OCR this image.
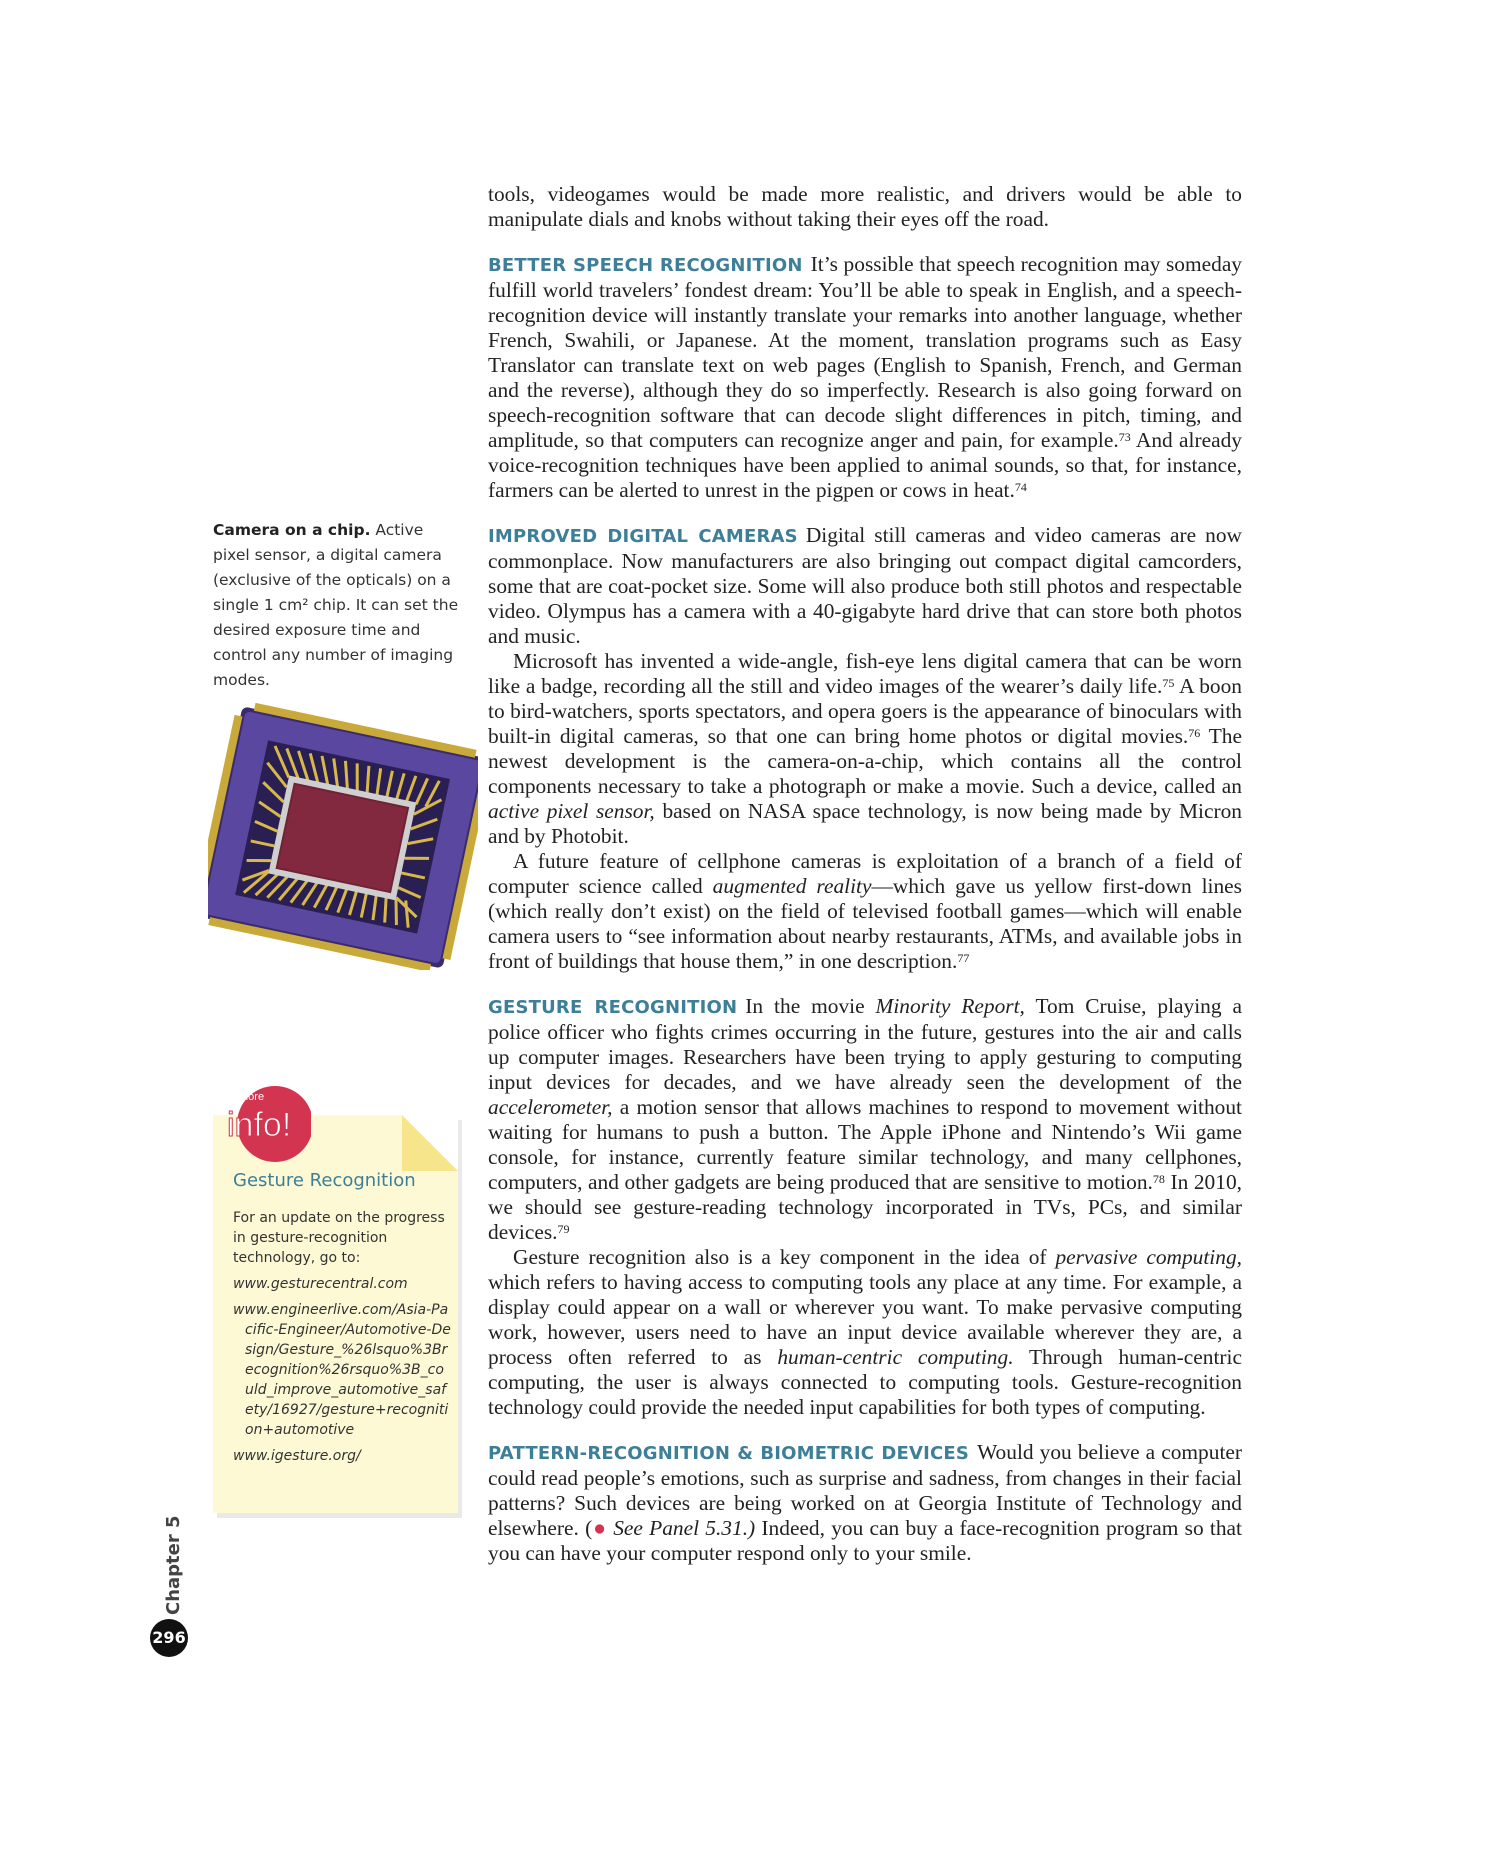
tools, videogames would be made more realistic, and drivers would be able to manipulate dials and knobs without taking their eyes off the road.

BETTER SPEECH RECOGNITION It’s possible that speech recognition may someday fulfill world travelers’ fondest dream: You’ll be able to speak in English, and a speech-recognition device will instantly translate your remarks into another language, whether French, Swahili, or Japanese. At the moment, translation programs such as Easy Translator can translate text on web pages (English to Spanish, French, and German and the reverse), although they do so imperfectly. Research is also going forward on speech-recognition software that can decode slight differences in pitch, timing, and amplitude, so that computers can recognize anger and pain, for example.$^{73}$ And already voice-recognition techniques have been applied to animal sounds, so that, for instance, farmers can be alerted to unrest in the pigpen or cows in heat.$^{74}$

IMPROVED DIGITAL CAMERAS Digital still cameras and video cameras are now commonplace. Now manufacturers are also bringing out compact digital camcorders, some that are coat-pocket size. Some will also produce both still photos and respectable video. Olympus has a camera with a 40-gigabyte hard drive that can store both photos and music.

Microsoft has invented a wide-angle, fish-eye lens digital camera that can be worn like a badge, recording all the still and video images of the wearer’s daily life.$^{75}$ A boon to bird-watchers, sports spectators, and opera goers is the appearance of binoculars with built-in digital cameras, so that one can bring home photos or digital movies.$^{76}$ The newest development is the camera-on-a-chip, which contains all the control components necessary to take a photograph or make a movie. Such a device, called an active pixel sensor, based on NASA space technology, is now being made by Micron and by Photobit.

A future feature of cellphone cameras is exploitation of a branch of a field of computer science called augmented reality—which gave us yellow first-down lines (which really don’t exist) on the field of televised football games—which will enable camera users to “see information about nearby restaurants, ATMs, and available jobs in front of buildings that house them,” in one description.$^{77}$

GESTURE RECOGNITION In the movie Minority Report, Tom Cruise, playing a police officer who fights crimes occurring in the future, gestures into the air and calls up computer images. Researchers have been trying to apply gesturing to computing input devices for decades, and we have already seen the development of the accelerometer, a motion sensor that allows machines to respond to movement without waiting for humans to push a button. The Apple iPhone and Nintendo’s Wii game console, for instance, currently feature similar technology, and many cellphones, computers, and other gadgets are being produced that are sensitive to motion.$^{78}$ In 2010, we should see gesture-reading technology incorporated in TVs, PCs, and similar devices.$^{79}$

Gesture recognition also is a key component in the idea of pervasive computing, which refers to having access to computing tools any place at any time. For example, a display could appear on a wall or wherever you want. To make pervasive computing work, however, users need to have an input device available wherever they are, a process often referred to as human-centric computing. Through human-centric computing, the user is always connected to computing tools. Gesture-recognition technology could provide the needed input capabilities for both types of computing.

PATTERN-RECOGNITION & BIOMETRIC DEVICES Would you believe a computer could read people’s emotions, such as surprise and sadness, from changes in their facial patterns? Such devices are being worked on at Georgia Institute of Technology and elsewhere. (● See Panel 5.31.) Indeed, you can buy a face-recognition program so that you can have your computer respond only to your smile.

Camera on a chip. Active pixel sensor, a digital camera (exclusive of the opticals) on a single 1 cm² chip. It can set the desired exposure time and control any number of imaging modes.
more
info!
Gesture Recognition

For an update on the progress in gesture-recognition technology, go to:

www.gesturecentral.com
www.engineerlive.com/Asia-Pacific-Engineer/Automotive-Design/Gesture_%26lsquo%3Brecognition%26rsquo%3B_could_improve_automotive_safety/16927/gesture+recognition+automotive
www.igesture.org/
Chapter 5
296
